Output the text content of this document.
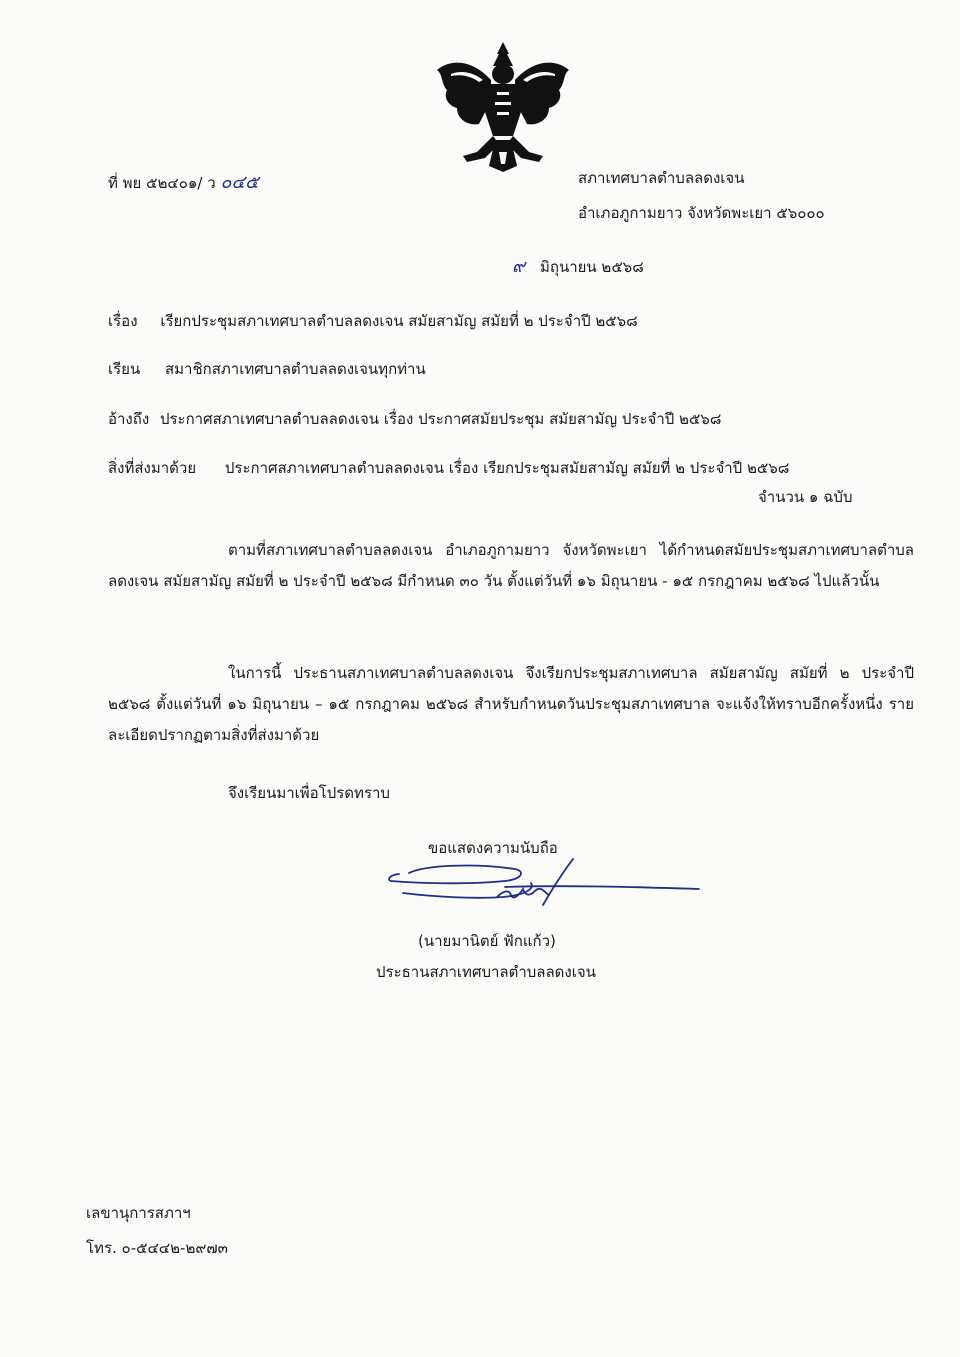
ที่ พย ๕๒๔๐๑/ ว ๐๔๕	สภาเทศบาลตำบลลดงเจน
อำเภอภูกามยาว จังหวัดพะเยา ๕๖๐๐๐
๙ มิถุนายน ๒๕๖๘
เรื่อง เรียกประชุมสภาเทศบาลตำบลลดงเจน สมัยสามัญ สมัยที่ ๒ ประจำปี ๒๕๖๘
เรียน สมาชิกสภาเทศบาลตำบลลดงเจนทุกท่าน
อ้างถึง ประกาศสภาเทศบาลตำบลลดงเจน เรื่อง ประกาศสมัยประชุม สมัยสามัญ ประจำปี ๒๕๖๘
สิ่งที่ส่งมาด้วย ประกาศสภาเทศบาลตำบลลดงเจน เรื่อง เรียกประชุมสมัยสามัญ สมัยที่ ๒ ประจำปี ๒๕๖๘
จำนวน ๑ ฉบับ
ตามที่สภาเทศบาลตำบลลดงเจน อำเภอภูกามยาว จังหวัดพะเยา ได้กำหนดสมัยประชุมสภาเทศบาลตำบลลดงเจน สมัยสามัญ สมัยที่ ๒ ประจำปี ๒๕๖๘ มีกำหนด ๓๐ วัน ตั้งแต่วันที่ ๑๖ มิถุนายน - ๑๕ กรกฎาคม ๒๕๖๘ ไปแล้วนั้น
ในการนี้ ประธานสภาเทศบาลตำบลลดงเจน จึงเรียกประชุมสภาเทศบาล สมัยสามัญ สมัยที่ ๒ ประจำปี ๒๕๖๘ ตั้งแต่วันที่ ๑๖ มิถุนายน – ๑๕ กรกฎาคม ๒๕๖๘ สำหรับกำหนดวันประชุมสภาเทศบาล จะแจ้งให้ทราบอีกครั้งหนึ่ง รายละเอียดปรากฏตามสิ่งที่ส่งมาด้วย
จึงเรียนมาเพื่อโปรดทราบ
ขอแสดงความนับถือ
(นายมานิตย์ ฟักแก้ว)
ประธานสภาเทศบาลตำบลลดงเจน
เลขานุการสภาฯ
โทร. ๐-๕๔๔๒-๒๙๗๓
